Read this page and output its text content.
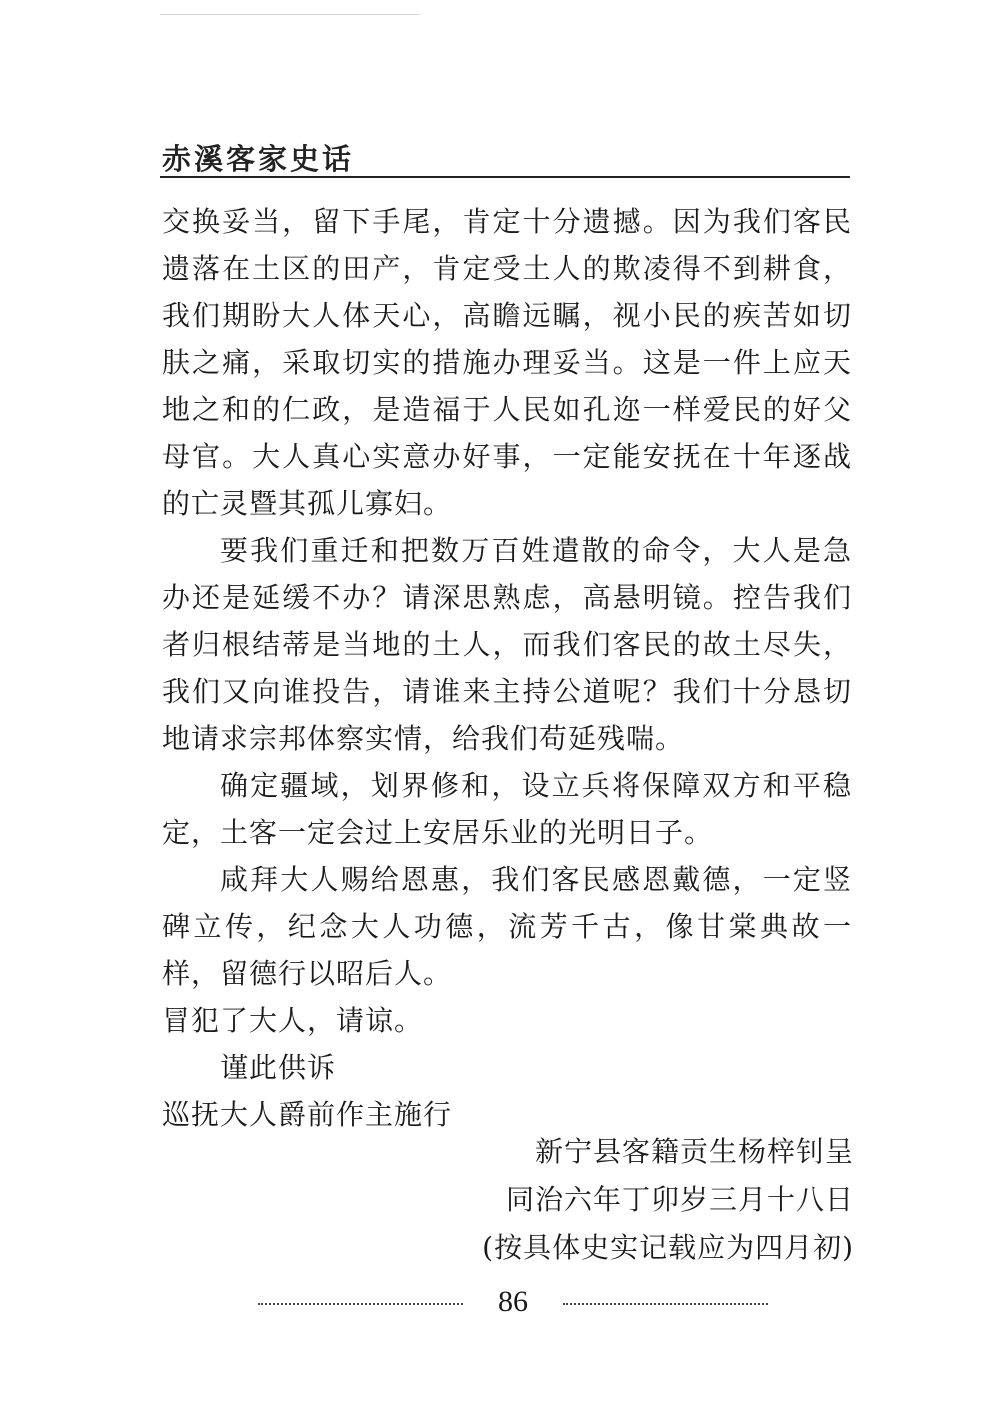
赤溪客家史话

交换妥当，留下手尾，肯定十分遗撼。因为我们客民遗落在土区的田产，肯定受土人的欺凌得不到耕食，我们期盼大人体天心，高瞻远瞩，视小民的疾苦如切肤之痛，采取切实的措施办理妥当。这是一件上应天地之和的仁政，是造福于人民如孔迩一样爱民的好父母官。大人真心实意办好事，一定能安抚在十年逐战的亡灵暨其孤儿寡妇。

要我们重迁和把数万百姓遣散的命令，大人是急办还是延缓不办？请深思熟虑，高悬明镜。控告我们者归根结蒂是当地的土人，而我们客民的故土尽失，我们又向谁投告，请谁来主持公道呢？我们十分恳切地请求宗邦体察实情，给我们苟延残喘。

确定疆域，划界修和，设立兵将保障双方和平稳定，土客一定会过上安居乐业的光明日子。

咸拜大人赐给恩惠，我们客民感恩戴德，一定竖碑立传，纪念大人功德，流芳千古，像甘棠典故一样，留德行以昭后人。

冒犯了大人，请谅。

谨此供诉

巡抚大人爵前作主施行

新宁县客籍贡生杨梓钊呈
同治六年丁卯岁三月十八日
(按具体史实记载应为四月初)
86
